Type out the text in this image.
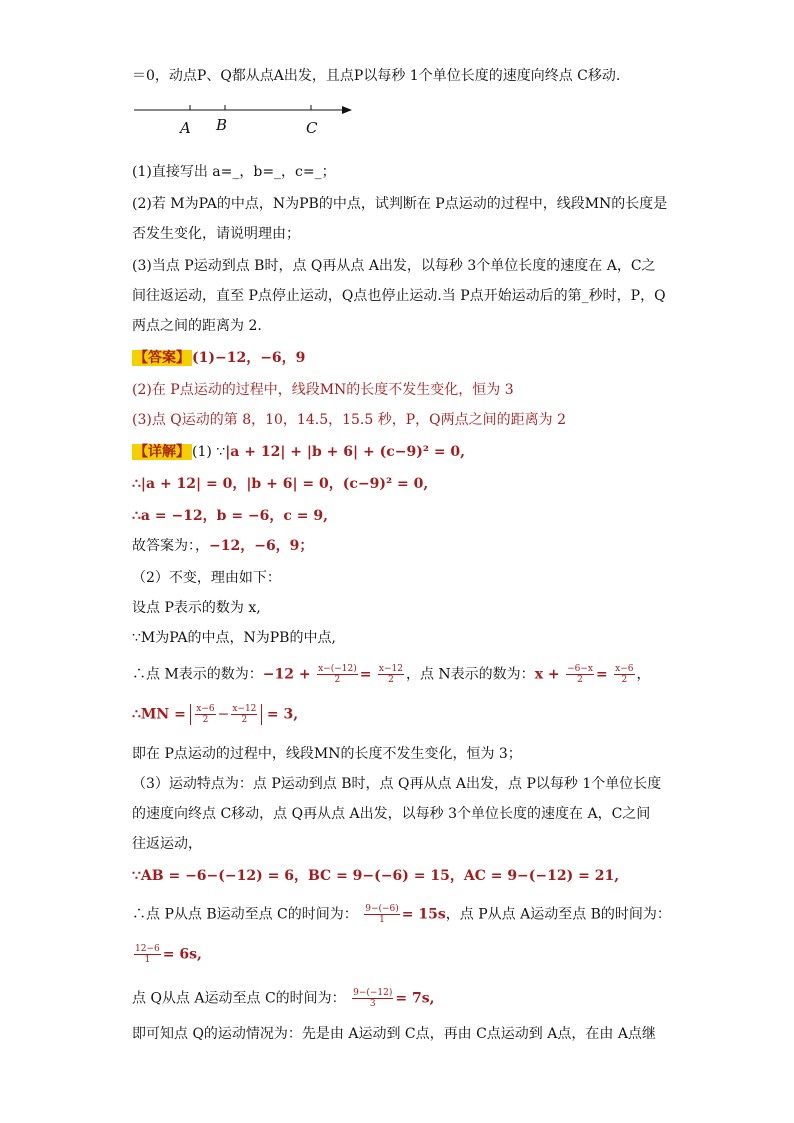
＝0，动点P、Q都从点A出发，且点P以每秒 1个单位长度的速度向终点 C移动.
A B	C
(1)直接写出 a=_，b=_，c=_；
(2)若 M为PA的中点，N为PB的中点，试判断在 P点运动的过程中，线段MN的长度是
否发生变化，请说明理由；
(3)当点 P运动到点 B时，点 Q再从点 A出发，以每秒 3个单位长度的速度在 A，C之
间往返运动，直至 P点停止运动，Q点也停止运动.当 P点开始运动后的第_秒时，P，Q
两点之间的距离为 2.
【答案】 (1)−12，−6，9
(2)在 P点运动的过程中，线段MN的长度不发生变化，恒为 3
(3)点 Q运动的第 8，10，14.5，15.5 秒，P，Q两点之间的距离为 2
【详解】 (1) ∵|a + 12| + |b + 6| + (c−9)² = 0,
∴|a + 12| = 0，|b + 6| = 0，(c−9)² = 0,
∴a = −12，b = −6，c = 9,
故答案为：，−12，−6，9；
（2）不变，理由如下：
设点 P表示的数为 x,
∵M为PA的中点，N为PB的中点,
∴点 M表示的数为：$-12 + \frac{x-(-12)}{2} = \frac{x-12}{2}$ ，点 N表示的数为：$x + \frac{-6-x}{2} = \frac{x-6}{2}$ ，
∴MN = $\frac{x-6}{2} - \frac{x-12}{2} = 3$,
即在 P点运动的过程中，线段MN的长度不发生变化，恒为 3；
（3）运动特点为：点 P运动到点 B时，点 Q再从点 A出发，点 P以每秒 1个单位长度
的速度向终点 C移动，点 Q再从点 A出发，以每秒 3个单位长度的速度在 A，C之间
往返运动，
∵AB = −6−(−12) = 6，BC = 9−(−6) = 15，AC = 9−(−12) = 21,
∴点 P从点 B运动至点 C的时间为： $\frac{9-(-6)}{1} = 15s$，点 P从点 A运动至点 B的时间为：
$\frac{12-6}{1} = 6s$,
点 Q从点 A运动至点 C的时间为： $\frac{9-(-12)}{3} = 7s$,
即可知点 Q的运动情况为：先是由 A运动到 C点，再由 C点运动到 A点，在由 A点继
